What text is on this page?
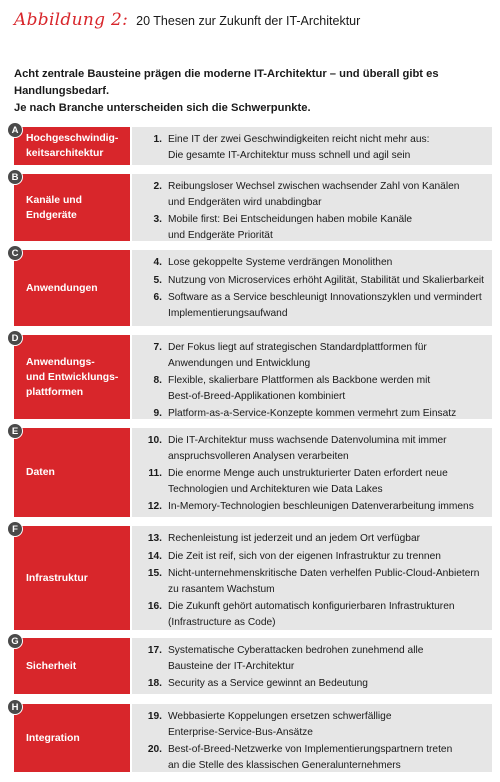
Abbildung 2: 20 Thesen zur Zukunft der IT-Architektur
Acht zentrale Bausteine prägen die moderne IT-Architektur – und überall gibt es Handlungsbedarf.
Je nach Branche unterscheiden sich die Schwerpunkte.
Hochgeschwindig-
keitsarchitektur
A
1. Eine IT der zwei Geschwindigkeiten reicht nicht mehr aus:
Die gesamte IT-Architektur muss schnell und agil sein
Kanäle und
Endgeräte
B
2. Reibungsloser Wechsel zwischen wachsender Zahl von Kanälen
und Endgeräten wird unabdingbar
3. Mobile first: Bei Entscheidungen haben mobile Kanäle
und Endgeräte Priorität
Anwendungen
C
4. Lose gekoppelte Systeme verdrängen Monolithen
5. Nutzung von Microservices erhöht Agilität, Stabilität und Skalierbarkeit
6. Software as a Service beschleunigt Innovationszyklen und vermindert
Implementierungsaufwand
Anwendungs-
und Entwicklungs-
plattformen
D
7. Der Fokus liegt auf strategischen Standardplattformen für
Anwendungen und Entwicklung
8. Flexible, skalierbare Plattformen als Backbone werden mit
Best-of-Breed-Applikationen kombiniert
9. Platform-as-a-Service-Konzepte kommen vermehrt zum Einsatz
Daten
E
10. Die IT-Architektur muss wachsende Datenvolumina mit immer
anspruchsvolleren Analysen verarbeiten
11. Die enorme Menge auch unstrukturierter Daten erfordert neue
Technologien und Architekturen wie Data Lakes
12. In-Memory-Technologien beschleunigen Datenverarbeitung immens
Infrastruktur
F
13. Rechenleistung ist jederzeit und an jedem Ort verfügbar
14. Die Zeit ist reif, sich von der eigenen Infrastruktur zu trennen
15. Nicht-unternehmenskritische Daten verhelfen Public-Cloud-Anbietern
zu rasantem Wachstum
16. Die Zukunft gehört automatisch konfigurierbaren Infrastrukturen
(Infrastructure as Code)
Sicherheit
G
17. Systematische Cyberattacken bedrohen zunehmend alle
Bausteine der IT-Architektur
18. Security as a Service gewinnt an Bedeutung
Integration
H
19. Webbasierte Koppelungen ersetzen schwerfällige
Enterprise-Service-Bus-Ansätze
20. Best-of-Breed-Netzwerke von Implementierungspartnern treten
an die Stelle des klassischen Generalunternehmers
